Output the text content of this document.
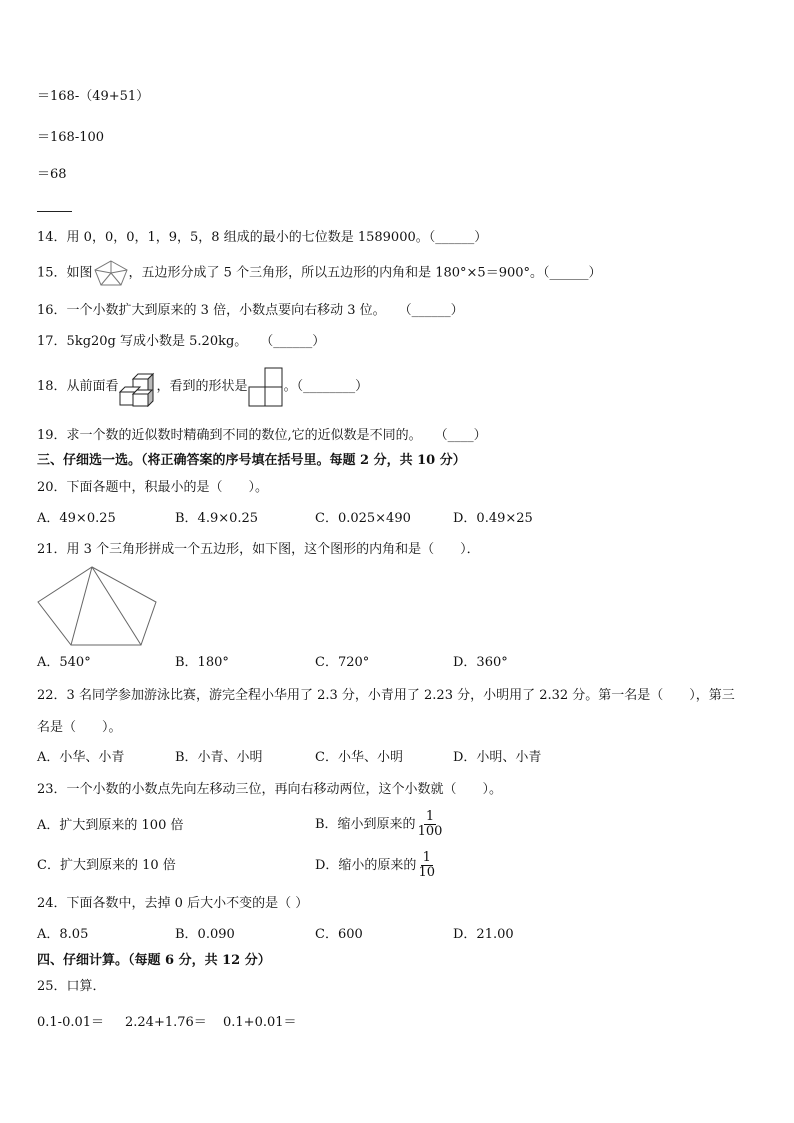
＝168-（49+51）
＝168-100
＝68
14．用 0，0，0，1，9，5，8 组成的最小的七位数是 1589000。（______）
15．如图	，五边形分成了 5 个三角形，所以五边形的内角和是 180°×5＝900°。（______）
16．一个小数扩大到原来的 3 倍，小数点要向右移动 3 位。　　（______）
17．5kg20g 写成小数是 5.20kg。　　（______）
18．从前面看	，看到的形状是	。（________）
19．求一个数的近似数时精确到不同的数位,它的近似数是不同的。　　（____）
三、仔细选一选。（将正确答案的序号填在括号里。每题 2 分，共 10 分）
20．下面各题中，积最小的是（　　）。
A．49×0.25	B．4.9×0.25	C．0.025×490	D．0.49×25
21．用 3 个三角形拼成一个五边形，如下图，这个图形的内角和是（　　）．
A．540°	B．180°	C．720°	D．360°
22．3 名同学参加游泳比赛，游完全程小华用了 2.3 分，小青用了 2.23 分，小明用了 2.32 分。第一名是（　　），第三
名是（　　）。
A．小华、小青	B．小青、小明	C．小华、小明	D．小明、小青
23．一个小数的小数点先向左移动三位，再向右移动两位，这个小数就（　　）。
A．扩大到原来的 100 倍	B．缩小到原来的 $\frac{1}{100}$
C．扩大到原来的 10 倍	D．缩小的原来的 $\frac{1}{10}$
24．下面各数中，去掉 0 后大小不变的是（ ）
A．8.05	B．0.090	C．600	D．21.00
四、仔细计算。（每题 6 分，共 12 分）
25．口算．
0.1-0.01＝ 2.24+1.76＝ 0.1+0.01＝
